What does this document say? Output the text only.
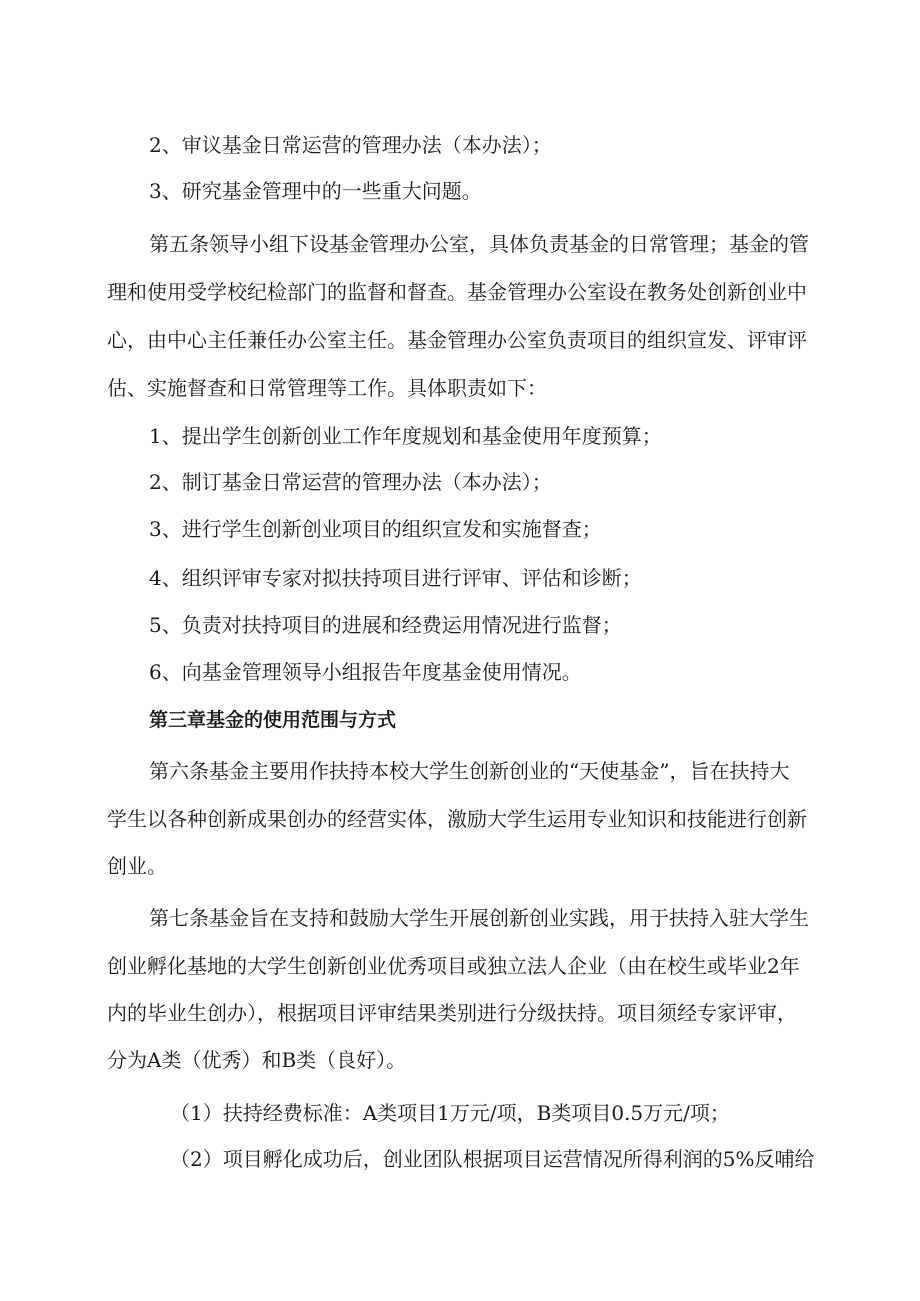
2、审议基金日常运营的管理办法（本办法）；

3、研究基金管理中的一些重大问题。

第五条领导小组下设基金管理办公室，具体负责基金的日常管理；基金的管

理和使用受学校纪检部门的监督和督查。基金管理办公室设在教务处创新创业中

心，由中心主任兼任办公室主任。基金管理办公室负责项目的组织宣发、评审评

估、实施督查和日常管理等工作。具体职责如下：

1、提出学生创新创业工作年度规划和基金使用年度预算；

2、制订基金日常运营的管理办法（本办法）；

3、进行学生创新创业项目的组织宣发和实施督查；

4、组织评审专家对拟扶持项目进行评审、评估和诊断；

5、负责对扶持项目的进展和经费运用情况进行监督；

6、向基金管理领导小组报告年度基金使用情况。

第三章基金的使用范围与方式

第六条基金主要用作扶持本校大学生创新创业的“天使基金”，旨在扶持大

学生以各种创新成果创办的经营实体，激励大学生运用专业知识和技能进行创新

创业。

第七条基金旨在支持和鼓励大学生开展创新创业实践，用于扶持入驻大学生

创业孵化基地的大学生创新创业优秀项目或独立法人企业（由在校生或毕业2年

内的毕业生创办），根据项目评审结果类别进行分级扶持。项目须经专家评审，

分为A类（优秀）和B类（良好）。

（1）扶持经费标准：A类项目1万元/项，B类项目0.5万元/项；

（2）项目孵化成功后，创业团队根据项目运营情况所得利润的5%反哺给
